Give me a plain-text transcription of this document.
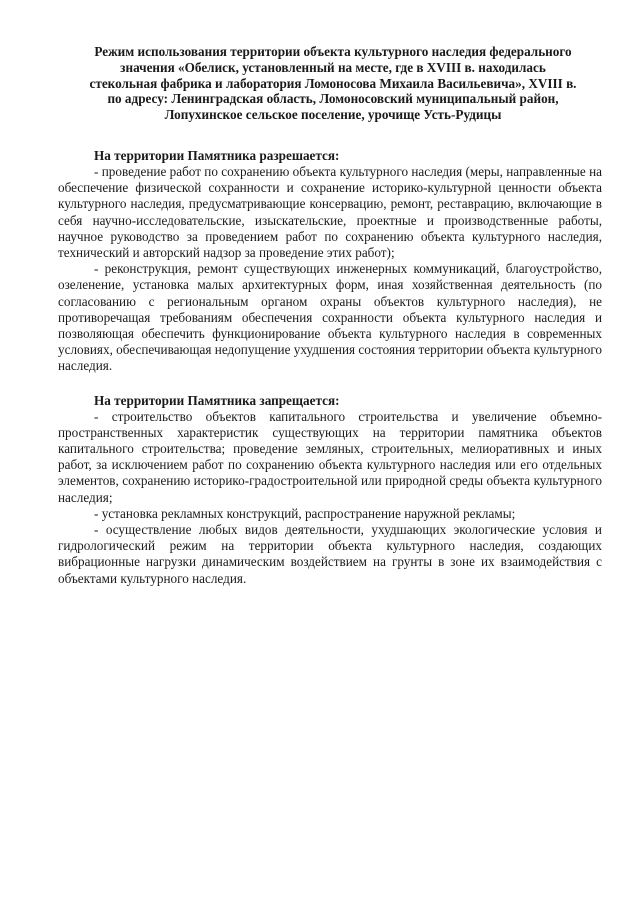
Режим использования территории объекта культурного наследия федерального
значения «Обелиск, установленный на месте, где в XVIII в. находилась
стекольная фабрика и лаборатория Ломоносова Михаила Васильевича», XVIII в.
по адресу: Ленинградская область, Ломоносовский муниципальный район,
Лопухинское сельское поселение, урочище Усть-Рудицы

На территории Памятника разрешается:

- проведение работ по сохранению объекта культурного наследия (меры, направленные на обеспечение физической сохранности и сохранение историко-культурной ценности объекта культурного наследия, предусматривающие консервацию, ремонт, реставрацию, включающие в себя научно-исследовательские, изыскательские, проектные и производственные работы, научное руководство за проведением работ по сохранению объекта культурного наследия, технический и авторский надзор за проведение этих работ);

- реконструкция, ремонт существующих инженерных коммуникаций, благоустройство, озеленение, установка малых архитектурных форм, иная хозяйственная деятельность (по согласованию с региональным органом охраны объектов культурного наследия), не противоречащая требованиям обеспечения сохранности объекта культурного наследия и позволяющая обеспечить функционирование объекта культурного наследия в современных условиях, обеспечивающая недопущение ухудшения состояния территории объекта культурного наследия.

На территории Памятника запрещается:

- строительство объектов капитального строительства и увеличение объемно-пространственных характеристик существующих на территории памятника объектов капитального строительства; проведение земляных, строительных, мелиоративных и иных работ, за исключением работ по сохранению объекта культурного наследия или его отдельных элементов, сохранению историко-градостроительной или природной среды объекта культурного наследия;

- установка рекламных конструкций, распространение наружной рекламы;

- осуществление любых видов деятельности, ухудшающих экологические условия и гидрологический режим на территории объекта культурного наследия, создающих вибрационные нагрузки динамическим воздействием на грунты в зоне их взаимодействия с объектами культурного наследия.
